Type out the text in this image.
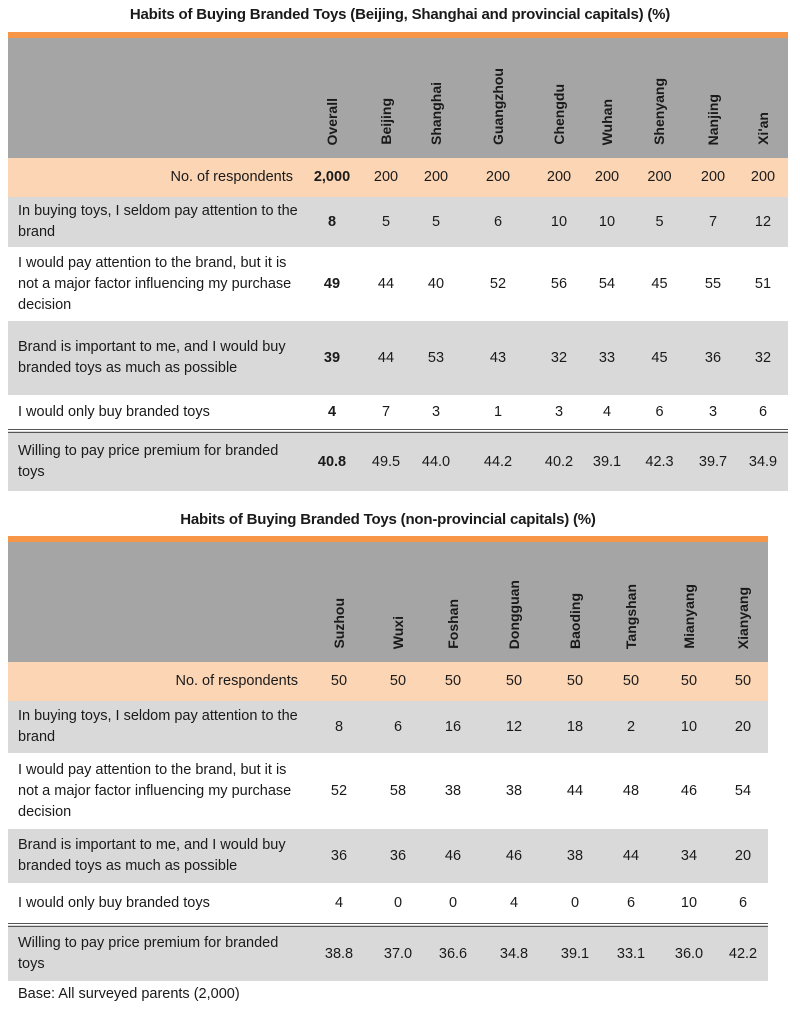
Habits of Buying Branded Toys (Beijing, Shanghai and provincial capitals) (%)
	Overall	Beijing	Shanghai	Guangzhou	Chengdu	Wuhan	Shenyang	Nanjing	Xi'an
No. of respondents	2,000	200	200	200	200	200	200	200	200
In buying toys, I seldom pay attention to the brand	8	5	5	6	10	10	5	7	12
I would pay attention to the brand, but it is not a major factor influencing my purchase decision	49	44	40	52	56	54	45	55	51
Brand is important to me, and I would buy branded toys as much as possible	39	44	53	43	32	33	45	36	32
I would only buy branded toys	4	7	3	1	3	4	6	3	6
Willing to pay price premium for branded toys	40.8	49.5	44.0	44.2	40.2	39.1	42.3	39.7	34.9
Habits of Buying Branded Toys (non-provincial capitals) (%)
	Suzhou	Wuxi	Foshan	Dongguan	Baoding	Tangshan	Mianyang	Xianyang
No. of respondents	50	50	50	50	50	50	50	50
In buying toys, I seldom pay attention to the brand	8	6	16	12	18	2	10	20
I would pay attention to the brand, but it is not a major factor influencing my purchase decision	52	58	38	38	44	48	46	54
Brand is important to me, and I would buy branded toys as much as possible	36	36	46	46	38	44	34	20
I would only buy branded toys	4	0	0	4	0	6	10	6
Willing to pay price premium for branded toys	38.8	37.0	36.6	34.8	39.1	33.1	36.0	42.2
Base: All surveyed parents (2,000)
